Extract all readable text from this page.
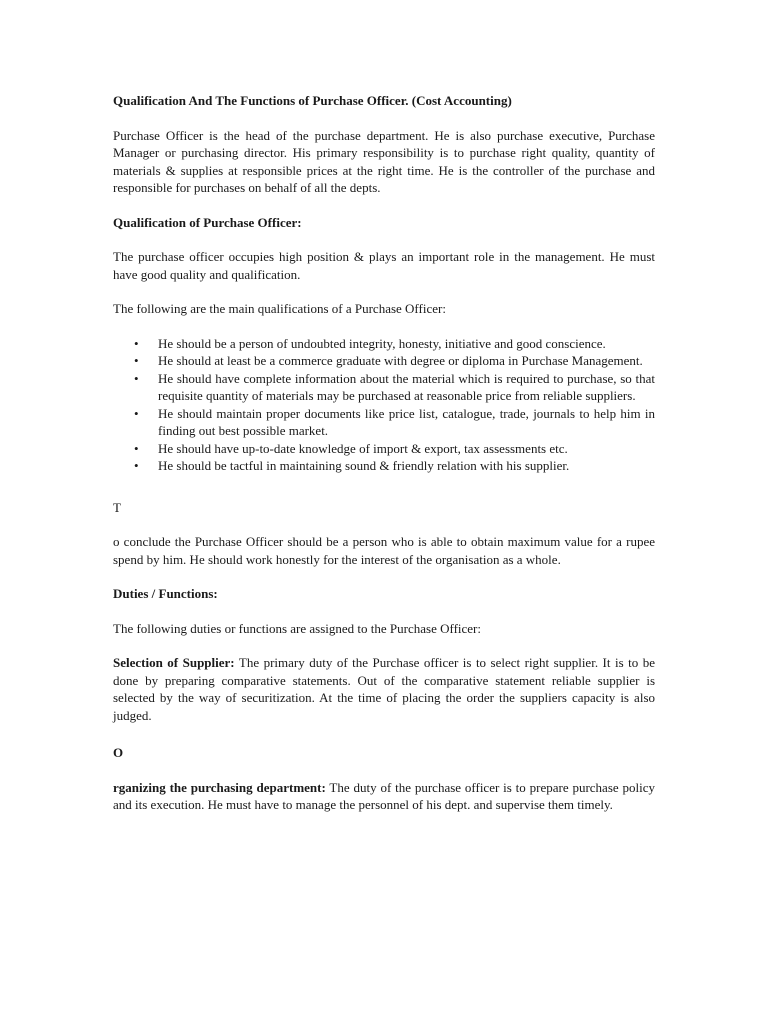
Qualification And The Functions of Purchase Officer. (Cost Accounting)

Purchase Officer is the head of the purchase department. He is also purchase executive, Purchase Manager or purchasing director. His primary responsibility is to purchase right quality, quantity of materials & supplies at responsible prices at the right time. He is the controller of the purchase and responsible for purchases on behalf of all the depts.

Qualification of Purchase Officer:

The purchase officer occupies high position & plays an important role in the management. He must have good quality and qualification.

The following are the main qualifications of a Purchase Officer:

• He should be a person of undoubted integrity, honesty, initiative and good conscience.
• He should at least be a commerce graduate with degree or diploma in Purchase Management.
• He should have complete information about the material which is required to purchase, so that requisite quantity of materials may be purchased at reasonable price from reliable suppliers.
• He should maintain proper documents like price list, catalogue, trade, journals to help him in finding out best possible market.
• He should have up-to-date knowledge of import & export, tax assessments etc.
• He should be tactful in maintaining sound & friendly relation with his supplier.

T

o conclude the Purchase Officer should be a person who is able to obtain maximum value for a rupee spend by him. He should work honestly for the interest of the organisation as a whole.

Duties / Functions:

The following duties or functions are assigned to the Purchase Officer:

Selection of Supplier: The primary duty of the Purchase officer is to select right supplier. It is to be done by preparing comparative statements. Out of the comparative statement reliable supplier is selected by the way of securitization. At the time of placing the order the suppliers capacity is also judged.

O

rganizing the purchasing department: The duty of the purchase officer is to prepare purchase policy and its execution. He must have to manage the personnel of his dept. and supervise them timely.
